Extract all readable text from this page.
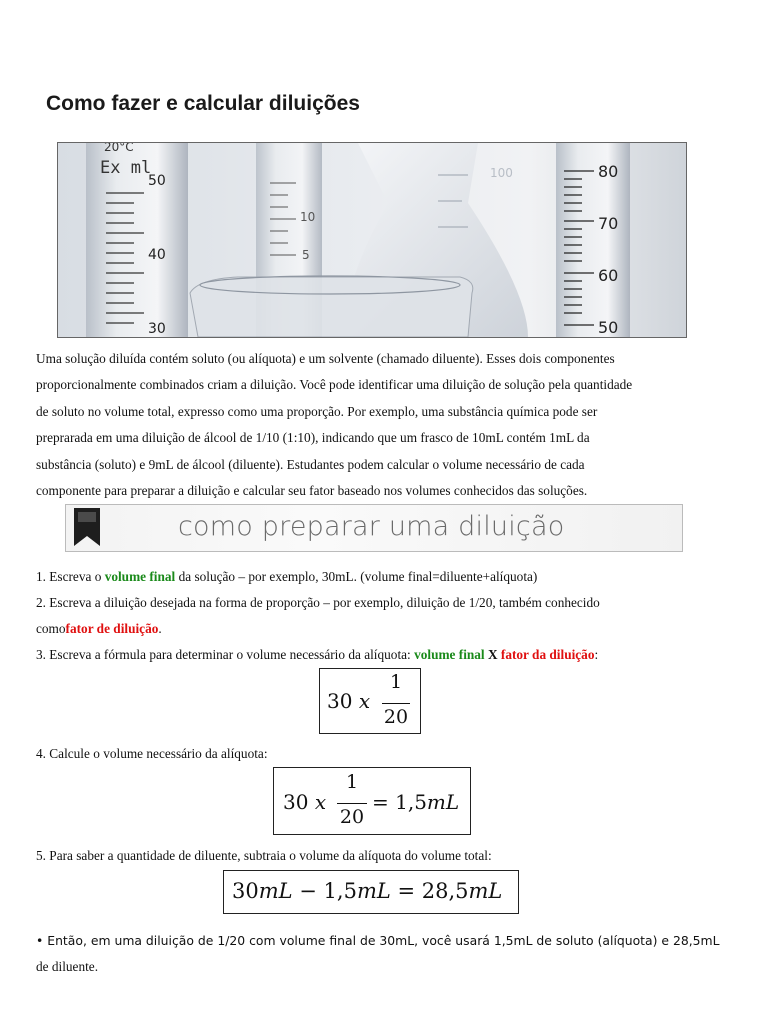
Como fazer e calcular diluições
20°C
Ex ml
50
40
30
10
5
100	80
70
60
50
Uma solução diluída contém soluto (ou alíquota) e um solvente (chamado diluente). Esses dois componentes
proporcionalmente combinados criam a diluição. Você pode identificar uma diluição de solução pela quantidade
de soluto no volume total, expresso como uma proporção. Por exemplo, uma substância química pode ser
preprarada em uma diluição de álcool de 1/10 (1:10), indicando que um frasco de 10mL contém 1mL da
substância (soluto) e 9mL de álcool (diluente). Estudantes podem calcular o volume necessário de cada
componente para preparar a diluição e calcular seu fator baseado nos volumes conhecidos das soluções.
como preparar uma diluição
1. Escreva o volume final da solução – por exemplo, 30mL. (volume final=diluente+alíquota)
2. Escreva a diluição desejada na forma de proporção – por exemplo, diluição de 1/20, também conhecido
comofator de diluição.
3. Escreva a fórmula para determinar o volume necessário da alíquota: volume final X fator da diluição:
30 x
1
20
4. Calcule o volume necessário da alíquota:
30 x
1
20
= 1,5mL
5. Para saber a quantidade de diluente, subtraia o volume da alíquota do volume total:
30mL − 1,5mL = 28,5mL
• Então, em uma diluição de 1/20 com volume final de 30mL, você usará 1,5mL de soluto (alíquota) e 28,5mL
de diluente.
